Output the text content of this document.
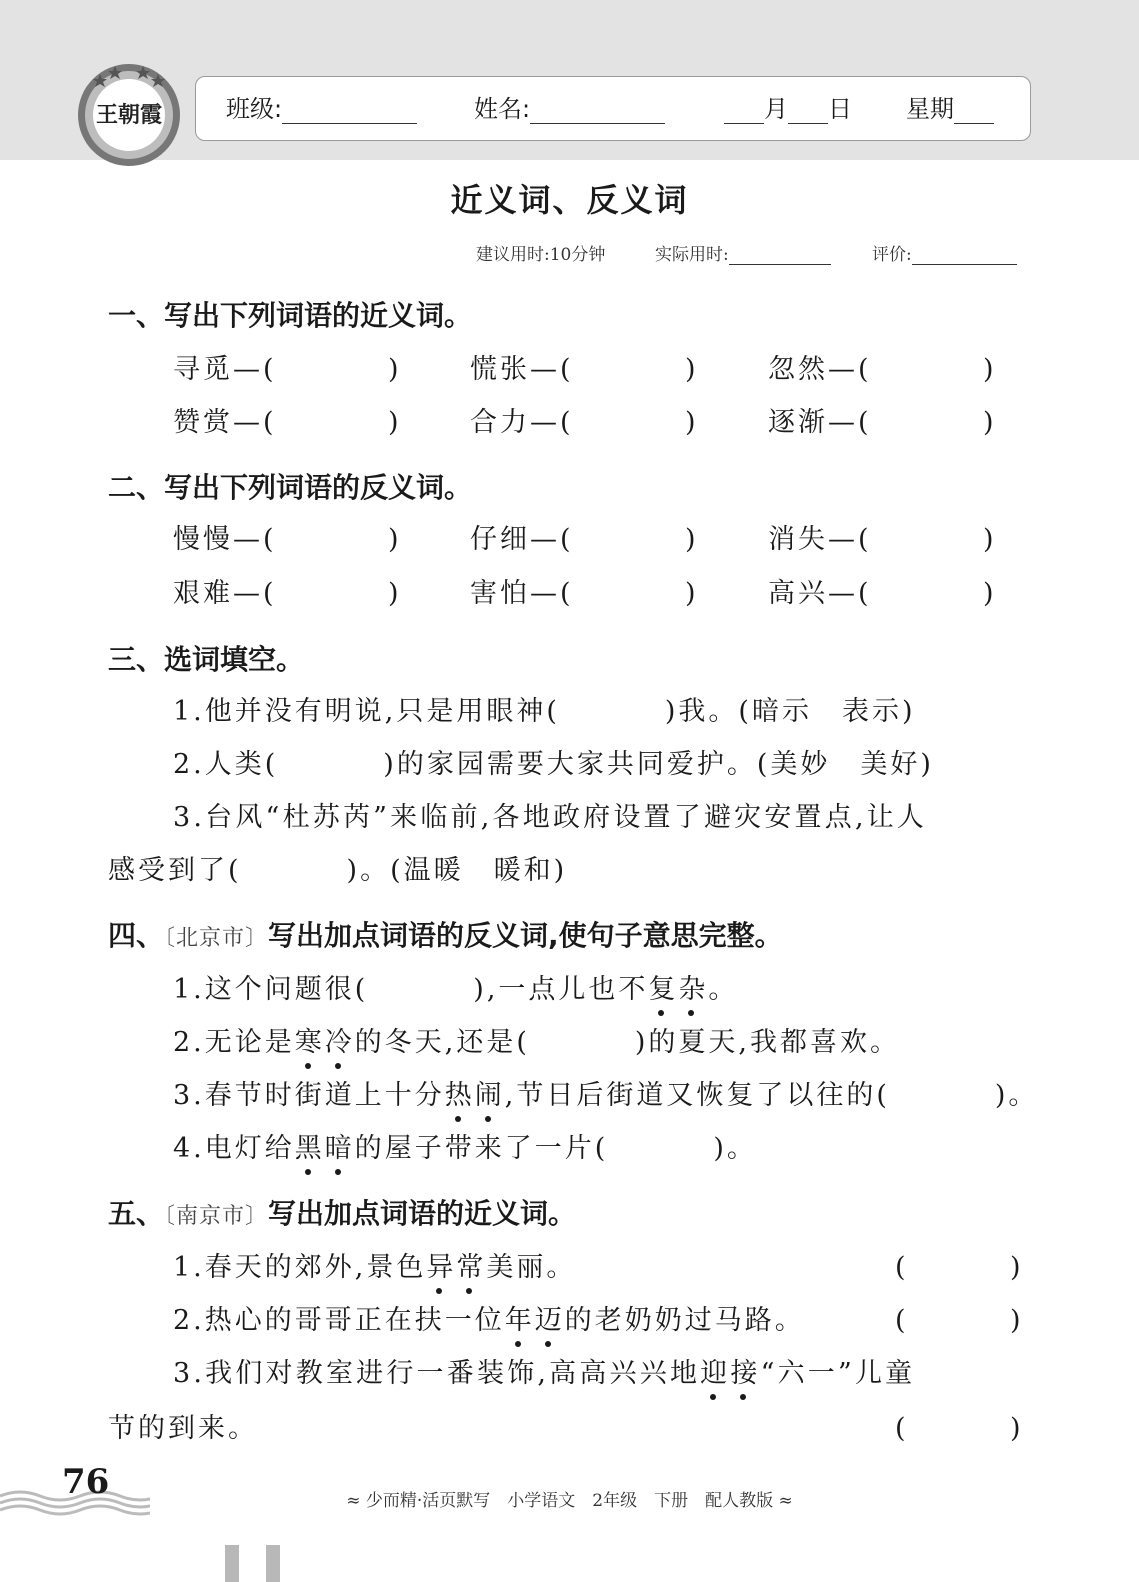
王朝霞	班级:	姓名:	月 日 星期
近义词、反义词
建议用时:10分钟	实际用时:	评价:
一、写出下列词语的近义词。
寻觅—(	)	慌张—(	)	忽然—(	)
赞赏—(	)	合力—(	)	逐渐—(	)
二、写出下列词语的反义词。
慢慢—(	)	仔细—(	)	消失—(	)
艰难—(	)	害怕—(	)	高兴—(	)
三、选词填空。
1.他并没有明说,只是用眼神(	)我。(暗示　表示)
2.人类(	)的家园需要大家共同爱护。(美妙　美好)
3.台风“杜苏芮”来临前,各地政府设置了避灾安置点,让人
感受到了(	)。(温暖　暖和)
四、〔北京市〕写出加点词语的反义词,使句子意思完整。
1.这个问题很(	),一点儿也不复杂。
2.无论是寒冷的冬天,还是(	)的夏天,我都喜欢。
3.春节时街道上十分热闹,节日后街道又恢复了以往的(	)。
4.电灯给黑暗的屋子带来了一片(	)。
五、〔南京市〕写出加点词语的近义词。
1.春天的郊外,景色异常美丽。	(	)
2.热心的哥哥正在扶一位年迈的老奶奶过马路。	(	)
3.我们对教室进行一番装饰,高高兴兴地迎接“六一”儿童
节的到来。	(	)
76	≈ 少而精·活页默写　小学语文　2年级　下册　配人教版 ≈
